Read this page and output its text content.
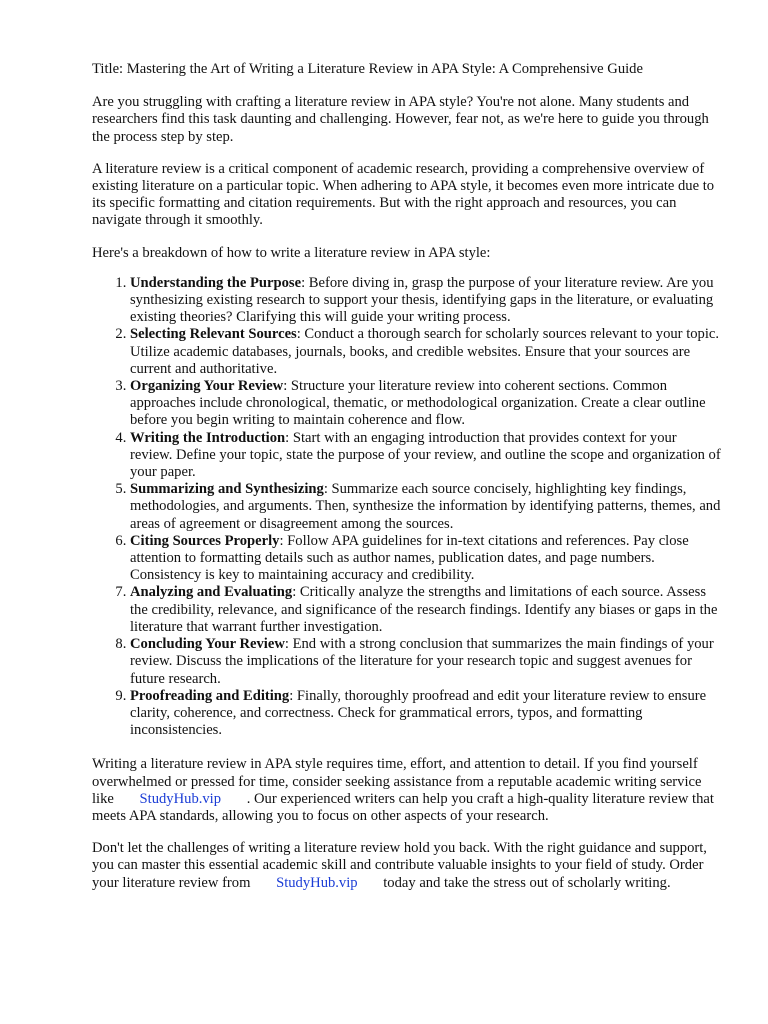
Title: Mastering the Art of Writing a Literature Review in APA Style: A Comprehensive Guide

Are you struggling with crafting a literature review in APA style? You're not alone. Many students and researchers find this task daunting and challenging. However, fear not, as we're here to guide you through the process step by step.

A literature review is a critical component of academic research, providing a comprehensive overview of existing literature on a particular topic. When adhering to APA style, it becomes even more intricate due to its specific formatting and citation requirements. But with the right approach and resources, you can navigate through it smoothly.

Here's a breakdown of how to write a literature review in APA style:

1. Understanding the Purpose: Before diving in, grasp the purpose of your literature review. Are you synthesizing existing research to support your thesis, identifying gaps in the literature, or evaluating existing theories? Clarifying this will guide your writing process.
2. Selecting Relevant Sources: Conduct a thorough search for scholarly sources relevant to your topic. Utilize academic databases, journals, books, and credible websites. Ensure that your sources are current and authoritative.
3. Organizing Your Review: Structure your literature review into coherent sections. Common approaches include chronological, thematic, or methodological organization. Create a clear outline before you begin writing to maintain coherence and flow.
4. Writing the Introduction: Start with an engaging introduction that provides context for your review. Define your topic, state the purpose of your review, and outline the scope and organization of your paper.
5. Summarizing and Synthesizing: Summarize each source concisely, highlighting key findings, methodologies, and arguments. Then, synthesize the information by identifying patterns, themes, and areas of agreement or disagreement among the sources.
6. Citing Sources Properly: Follow APA guidelines for in-text citations and references. Pay close attention to formatting details such as author names, publication dates, and page numbers. Consistency is key to maintaining accuracy and credibility.
7. Analyzing and Evaluating: Critically analyze the strengths and limitations of each source. Assess the credibility, relevance, and significance of the research findings. Identify any biases or gaps in the literature that warrant further investigation.
8. Concluding Your Review: End with a strong conclusion that summarizes the main findings of your review. Discuss the implications of the literature for your research topic and suggest avenues for future research.
9. Proofreading and Editing: Finally, thoroughly proofread and edit your literature review to ensure clarity, coherence, and correctness. Check for grammatical errors, typos, and formatting inconsistencies.

Writing a literature review in APA style requires time, effort, and attention to detail. If you find yourself overwhelmed or pressed for time, consider seeking assistance from a reputable academic writing service like StudyHub.vip . Our experienced writers can help you craft a high-quality literature review that meets APA standards, allowing you to focus on other aspects of your research.

Don't let the challenges of writing a literature review hold you back. With the right guidance and support, you can master this essential academic skill and contribute valuable insights to your field of study. Order your literature review from StudyHub.vip today and take the stress out of scholarly writing.
